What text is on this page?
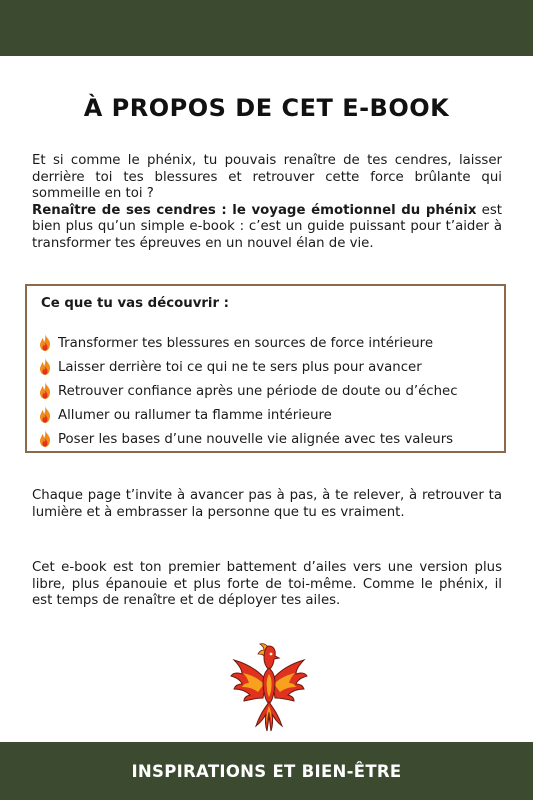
À PROPOS DE CET E-BOOK

Et si comme le phénix, tu pouvais renaître de tes cendres, laisser derrière toi tes blessures et retrouver cette force brûlante qui sommeille en toi ?
Renaître de ses cendres : le voyage émotionnel du phénix est bien plus qu’un simple e-book : c’est un guide puissant pour t’aider à transformer tes épreuves en un nouvel élan de vie.

Ce que tu vas découvrir :
Transformer tes blessures en sources de force intérieure
Laisser derrière toi ce qui ne te sers plus pour avancer
Retrouver confiance après une période de doute ou d’échec
Allumer ou rallumer ta flamme intérieure
Poser les bases d’une nouvelle vie alignée avec tes valeurs

Chaque page t’invite à avancer pas à pas, à te relever, à retrouver ta lumière et à embrasser la personne que tu es vraiment.

Cet e-book est ton premier battement d’ailes vers une version plus libre, plus épanouie et plus forte de toi-même. Comme le phénix, il est temps de renaître et de déployer tes ailes.

INSPIRATIONS ET BIEN-ÊTRE
